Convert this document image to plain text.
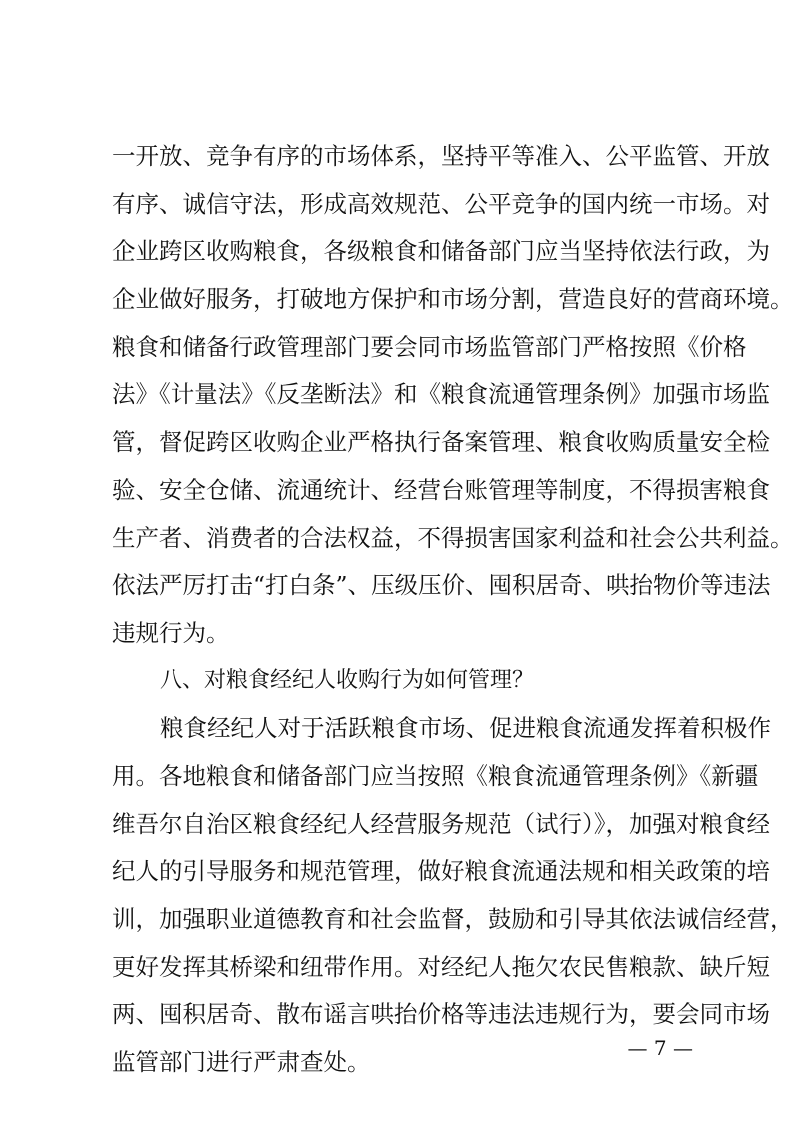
一开放、竞争有序的市场体系，坚持平等准入、公平监管、开放
有序、诚信守法，形成高效规范、公平竞争的国内统一市场。对
企业跨区收购粮食，各级粮食和储备部门应当坚持依法行政，为
企业做好服务，打破地方保护和市场分割，营造良好的营商环境。
粮食和储备行政管理部门要会同市场监管部门严格按照《价格
法》《计量法》《反垄断法》和《粮食流通管理条例》加强市场监
管，督促跨区收购企业严格执行备案管理、粮食收购质量安全检
验、安全仓储、流通统计、经营台账管理等制度，不得损害粮食
生产者、消费者的合法权益，不得损害国家利益和社会公共利益。
依法严厉打击“打白条”、压级压价、囤积居奇、哄抬物价等违法
违规行为。
八、对粮食经纪人收购行为如何管理？
粮食经纪人对于活跃粮食市场、促进粮食流通发挥着积极作
用。各地粮食和储备部门应当按照《粮食流通管理条例》《新疆
维吾尔自治区粮食经纪人经营服务规范（试行）》，加强对粮食经
纪人的引导服务和规范管理，做好粮食流通法规和相关政策的培
训，加强职业道德教育和社会监督，鼓励和引导其依法诚信经营，
更好发挥其桥梁和纽带作用。对经纪人拖欠农民售粮款、缺斤短
两、囤积居奇、散布谣言哄抬价格等违法违规行为，要会同市场
监管部门进行严肃查处。	— 7 —
